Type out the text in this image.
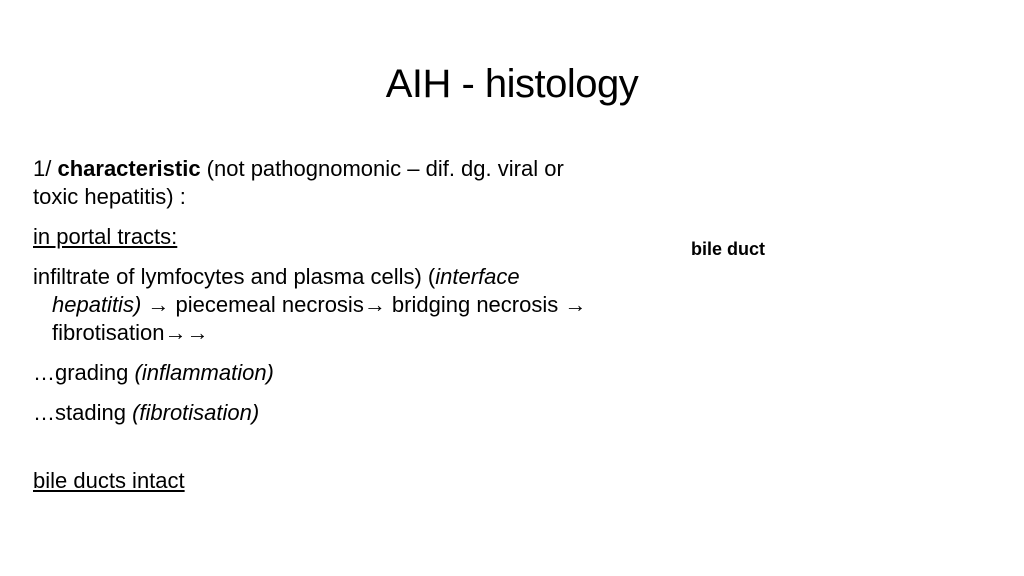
AIH - histology

1/ characteristic (not pathognomonic – dif. dg. viral or toxic hepatitis) :

in portal tracts:

infiltrate of lymfocytes and plasma cells) (interface hepatitis) → piecemeal necrosis→ bridging necrosis → fibrotisation→→

…grading (inflammation)

…stading (fibrotisation)

bile ducts intact

bile duct
